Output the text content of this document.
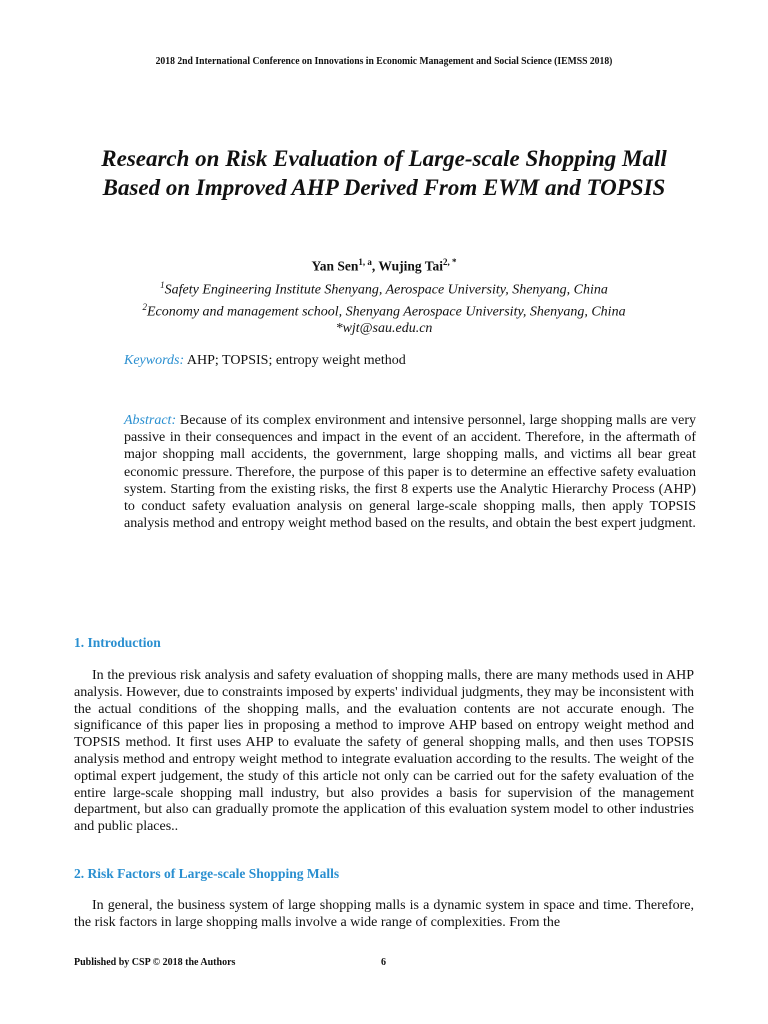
2018 2nd International Conference on Innovations in Economic Management and Social Science (IEMSS 2018)
Research on Risk Evaluation of Large-scale Shopping Mall Based on Improved AHP Derived From EWM and TOPSIS
Yan Sen$^{1, a}$, Wujing Tai$^{2, *}$
$^1$Safety Engineering Institute Shenyang, Aerospace University, Shenyang, China
$^2$Economy and management school, Shenyang Aerospace University, Shenyang, China
*wjt@sau.edu.cn
Keywords: AHP; TOPSIS; entropy weight method
Abstract: Because of its complex environment and intensive personnel, large shopping malls are very passive in their consequences and impact in the event of an accident. Therefore, in the aftermath of major shopping mall accidents, the government, large shopping malls, and victims all bear great economic pressure. Therefore, the purpose of this paper is to determine an effective safety evaluation system. Starting from the existing risks, the first 8 experts use the Analytic Hierarchy Process (AHP) to conduct safety evaluation analysis on general large-scale shopping malls, then apply TOPSIS analysis method and entropy weight method based on the results, and obtain the best expert judgment.
1. Introduction
In the previous risk analysis and safety evaluation of shopping malls, there are many methods used in AHP analysis. However, due to constraints imposed by experts' individual judgments, they may be inconsistent with the actual conditions of the shopping malls, and the evaluation contents are not accurate enough. The significance of this paper lies in proposing a method to improve AHP based on entropy weight method and TOPSIS method. It first uses AHP to evaluate the safety of general shopping malls, and then uses TOPSIS analysis method and entropy weight method to integrate evaluation according to the results. The weight of the optimal expert judgement, the study of this article not only can be carried out for the safety evaluation of the entire large-scale shopping mall industry, but also provides a basis for supervision of the management department, but also can gradually promote the application of this evaluation system model to other industries and public places..
2. Risk Factors of Large-scale Shopping Malls
In general, the business system of large shopping malls is a dynamic system in space and time. Therefore, the risk factors in large shopping malls involve a wide range of complexities. From the
Published by CSP © 2018 the Authors	6
